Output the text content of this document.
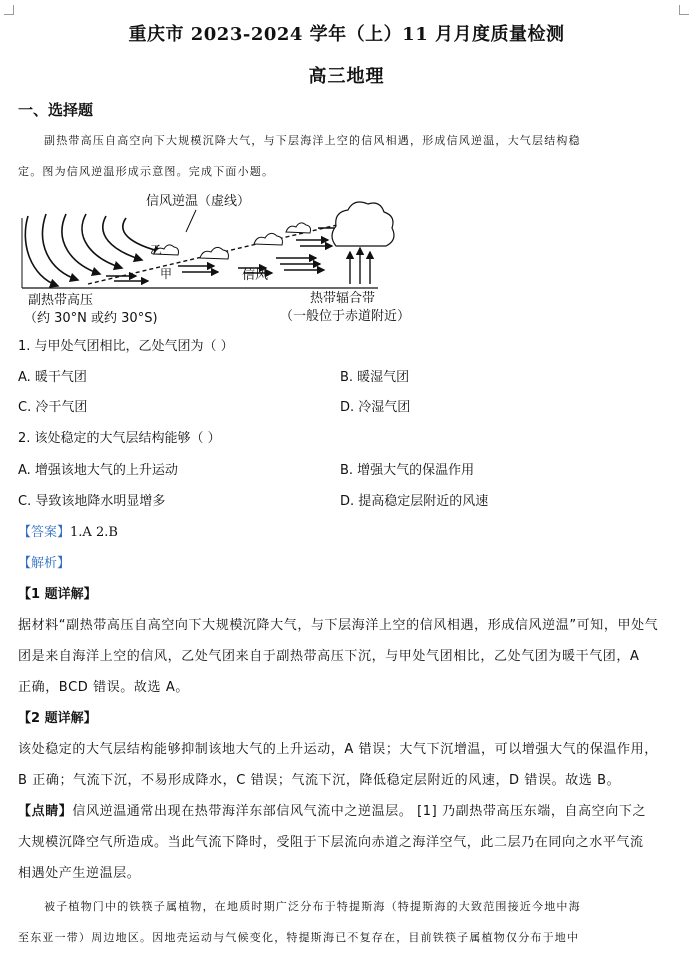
重庆市 2023-2024 学年（上）11 月月度质量检测
高三地理
一、选择题
副热带高压自高空向下大规模沉降大气，与下层海洋上空的信风相遇，形成信风逆温，大气层结构稳
定。图为信风逆温形成示意图。完成下面小题。
信风逆温（虚线）
乙
甲	信风
副热带高压
（约 30°N 或约 30°S)
热带辐合带
（一般位于赤道附近）
1. 与甲处气团相比，乙处气团为（ ）
A. 暖干气团	B. 暖湿气团
C. 冷干气团	D. 冷湿气团
2. 该处稳定的大气层结构能够（ ）
A. 增强该地大气的上升运动	B. 增强大气的保温作用
C. 导致该地降水明显增多	D. 提高稳定层附近的风速
【答案】1.A 2.B
【解析】
【1 题详解】
据材料“副热带高压自高空向下大规模沉降大气，与下层海洋上空的信风相遇，形成信风逆温”可知，甲处气
团是来自海洋上空的信风，乙处气团来自于副热带高压下沉，与甲处气团相比，乙处气团为暖干气团，A
正确，BCD 错误。故选 A。
【2 题详解】
该处稳定的大气层结构能够抑制该地大气的上升运动，A 错误；大气下沉增温，可以增强大气的保温作用，
B 正确；气流下沉，不易形成降水，C 错误；气流下沉，降低稳定层附近的风速，D 错误。故选 B。
【点睛】信风逆温通常出现在热带海洋东部信风气流中之逆温层。 [1] 乃副热带高压东端，自高空向下之
大规模沉降空气所造成。当此气流下降时，受阻于下层流向赤道之海洋空气，此二层乃在同向之水平气流
相遇处产生逆温层。
被子植物门中的铁筷子属植物，在地质时期广泛分布于特提斯海（特提斯海的大致范围接近今地中海
至东亚一带）周边地区。因地壳运动与气候变化，特提斯海已不复存在，目前铁筷子属植物仅分布于地中
